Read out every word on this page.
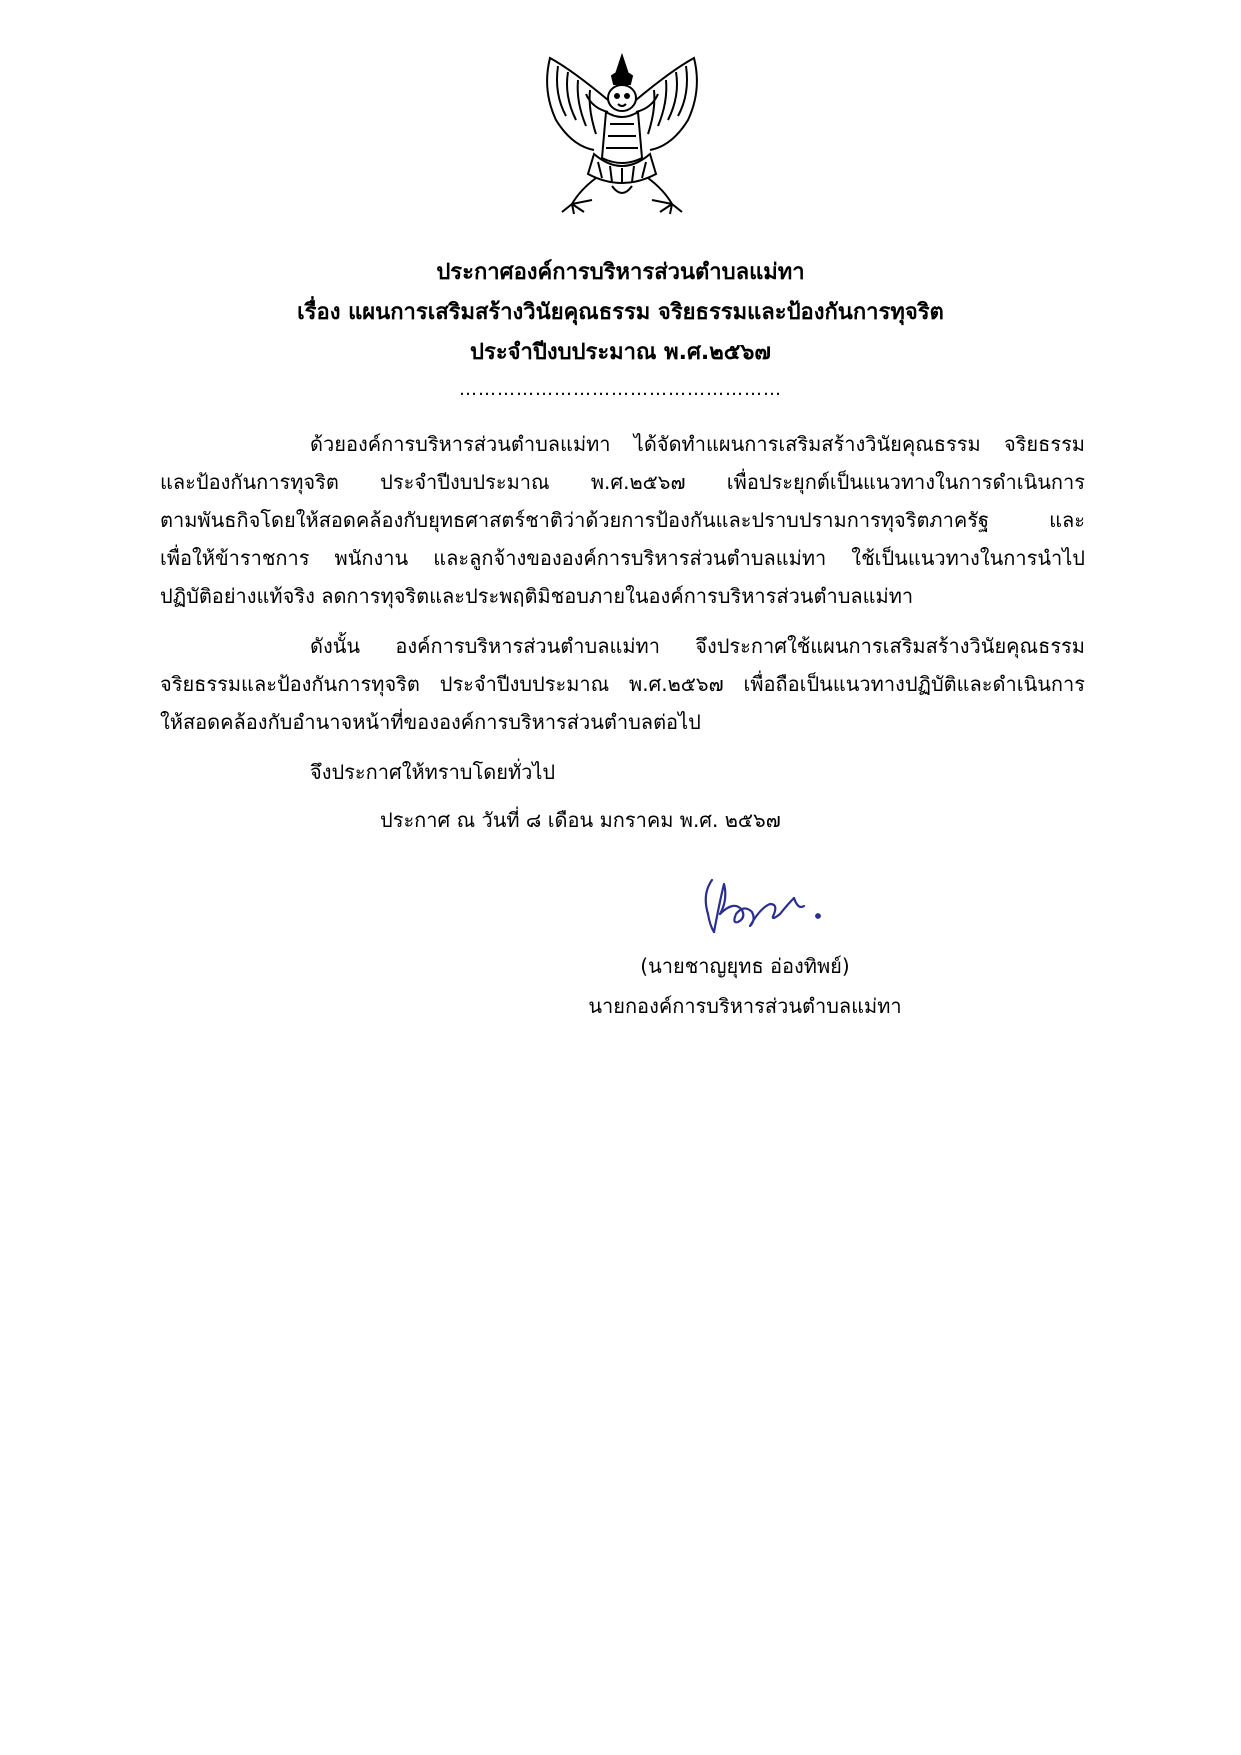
ประกาศองค์การบริหารส่วนตำบลแม่ทา
เรื่อง แผนการเสริมสร้างวินัยคุณธรรม จริยธรรมและป้องกันการทุจริต
ประจำปีงบประมาณ พ.ศ.๒๕๖๗
……………………………………………
ด้วยองค์การบริหารส่วนตำบลแม่ทา ได้จัดทำแผนการเสริมสร้างวินัยคุณธรรม จริยธรรม
และป้องกันการทุจริต ประจำปีงบประมาณ พ.ศ.๒๕๖๗ เพื่อประยุกต์เป็นแนวทางในการดำเนินการ
ตามพันธกิจโดยให้สอดคล้องกับยุทธศาสตร์ชาติว่าด้วยการป้องกันและปราบปรามการทุจริตภาครัฐ และ
เพื่อให้ข้าราชการ พนักงาน และลูกจ้างขององค์การบริหารส่วนตำบลแม่ทา ใช้เป็นแนวทางในการนำไป
ปฏิบัติอย่างแท้จริง ลดการทุจริตและประพฤติมิชอบภายในองค์การบริหารส่วนตำบลแม่ทา
ดังนั้น องค์การบริหารส่วนตำบลแม่ทา จึงประกาศใช้แผนการเสริมสร้างวินัยคุณธรรม
จริยธรรมและป้องกันการทุจริต ประจำปีงบประมาณ พ.ศ.๒๕๖๗ เพื่อถือเป็นแนวทางปฏิบัติและดำเนินการ
ให้สอดคล้องกับอำนาจหน้าที่ขององค์การบริหารส่วนตำบลต่อไป
จึงประกาศให้ทราบโดยทั่วไป
ประกาศ ณ วันที่ ๘ เดือน มกราคม พ.ศ. ๒๕๖๗
(นายชาญยุทธ อ่องทิพย์)
นายกองค์การบริหารส่วนตำบลแม่ทา
